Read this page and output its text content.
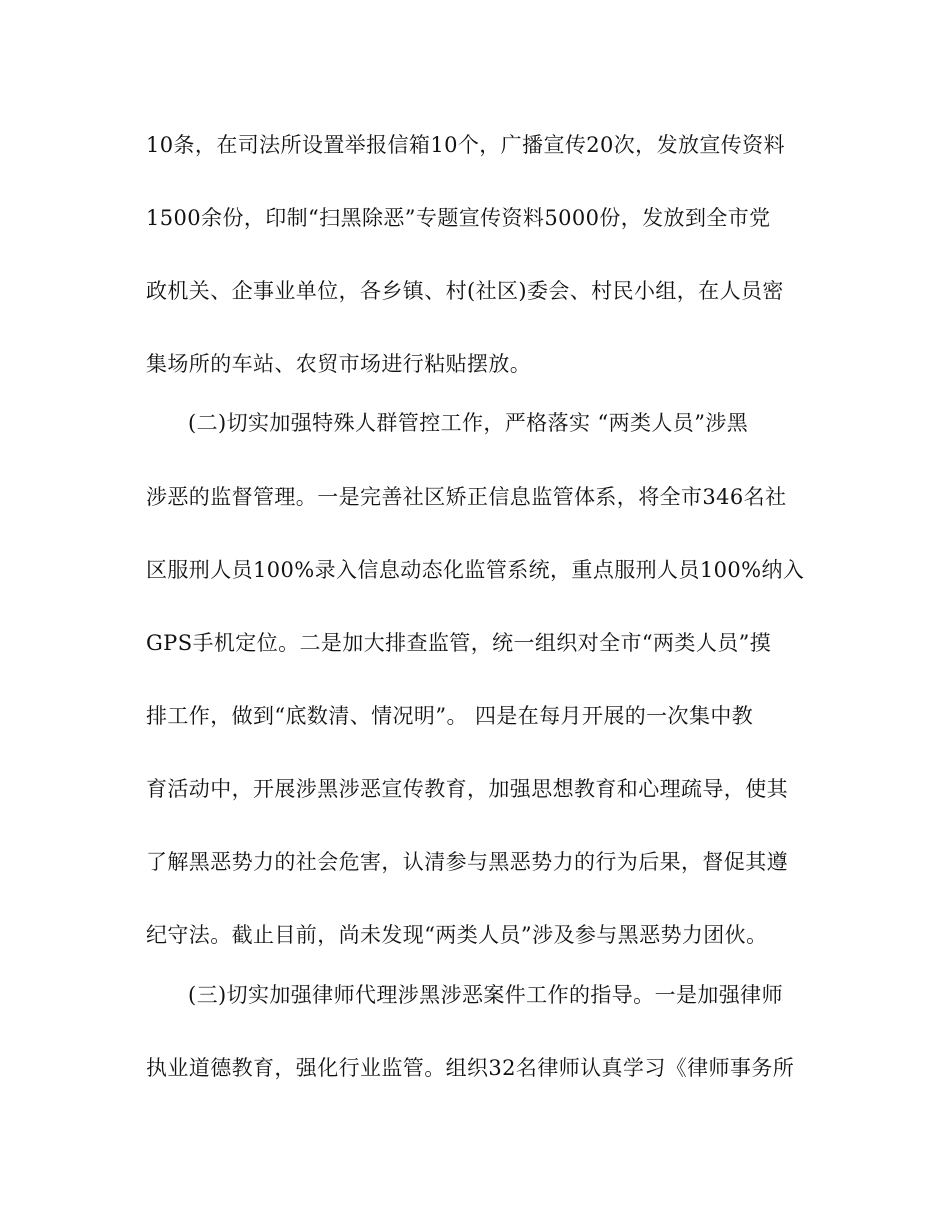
10条，在司法所设置举报信箱10个，广播宣传20次，发放宣传资料
1500余份，印制“扫黑除恶”专题宣传资料5000份，发放到全市党
政机关、企事业单位，各乡镇、村(社区)委会、村民小组，在人员密
集场所的车站、农贸市场进行粘贴摆放。
(二)切实加强特殊人群管控工作，严格落实 “两类人员”涉黑
涉恶的监督管理。一是完善社区矫正信息监管体系，将全市346名社
区服刑人员100%录入信息动态化监管系统，重点服刑人员100%纳入
GPS手机定位。二是加大排查监管，统一组织对全市“两类人员”摸
排工作，做到“底数清、情况明”。 四是在每月开展的一次集中教
育活动中，开展涉黑涉恶宣传教育，加强思想教育和心理疏导，使其
了解黑恶势力的社会危害，认清参与黑恶势力的行为后果，督促其遵
纪守法。截止目前，尚未发现“两类人员”涉及参与黑恶势力团伙。
(三)切实加强律师代理涉黑涉恶案件工作的指导。一是加强律师
执业道德教育，强化行业监管。组织32名律师认真学习《律师事务所
